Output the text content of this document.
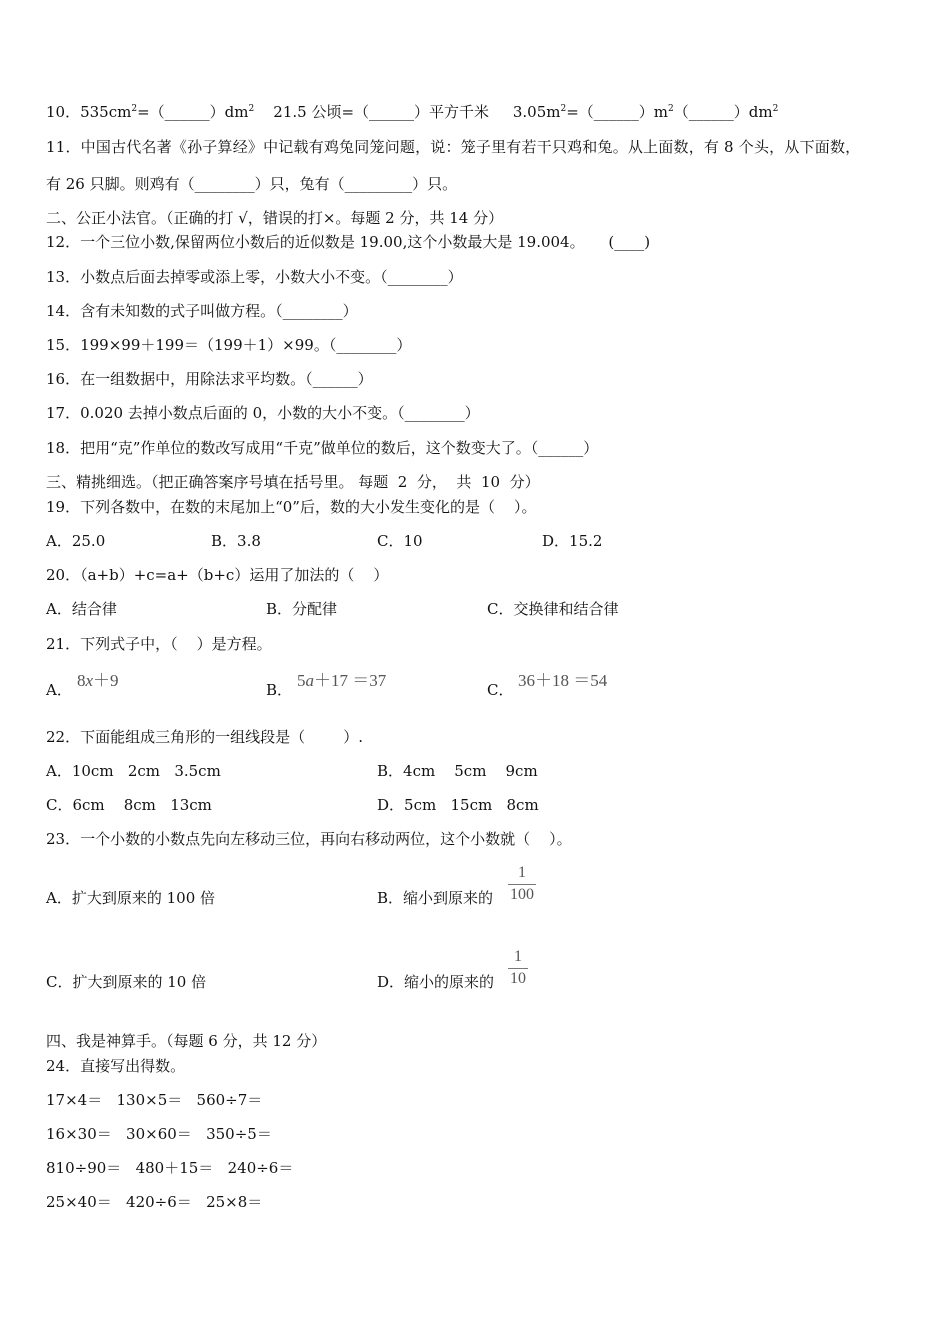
10．$535cm^2=(\_\_\_\_\_\_)dm^2$    21.5 公顷=（______）平方千米     $3.05m^2=(\_\_\_\_\_\_)m^2(\_\_\_\_\_\_)dm^2$
11．中国古代名著《孙子算经》中记载有鸡兔同笼问题，说：笼子里有若干只鸡和兔。从上面数，有 8 个头，从下面数，
有 26 只脚。则鸡有（________）只，兔有（_________）只。
二、公正小法官。（正确的打 √，错误的打×。每题 2 分，共 14 分）
12．一个三位小数,保留两位小数后的近似数是 19.00,这个小数最大是 19.004。     (____)
13．小数点后面去掉零或添上零，小数大小不变。（________）
14．含有未知数的式子叫做方程。（________）
15．199×99＋199＝（199＋1）×99。（________）
16．在一组数据中，用除法求平均数。（______）
17．0.020 去掉小数点后面的 0，小数的大小不变。（________）
18．把用“克”作单位的数改写成用“千克”做单位的数后，这个数变大了。（______）
三、精挑细选。（把正确答案序号填在括号里。 每题  2  分，  共  10  分）
19．下列各数中，在数的末尾加上“0”后，数的大小发生变化的是（    ）。
A．25.0	B．3.8	C．10	D．15.2
20．（a+b）+c=a+（b+c）运用了加法的（    ）
A．结合律	B．分配律	C．交换律和结合律
21．下列式子中，（    ）是方程。
A． 8x＋9	B． 5a＋17 ＝37	C． 36＋18 ＝54
22．下面能组成三角形的一组线段是（        ）.
A．10cm   2cm   3.5cm	B．4cm    5cm    9cm
C．6cm    8cm   13cm	D．5cm   15cm   8cm
23．一个小数的小数点先向左移动三位，再向右移动两位，这个小数就（    ）。
A．扩大到原来的 100 倍	B．缩小到原来的
1
100
C．扩大到原来的 10 倍	D．缩小的原来的
1
10
四、我是神算手。（每题 6 分，共 12 分）
24．直接写出得数。
17×4＝   130×5＝   560÷7＝
16×30＝   30×60＝   350÷5＝
810÷90＝   480＋15＝   240÷6＝
25×40＝   420÷6＝   25×8＝
